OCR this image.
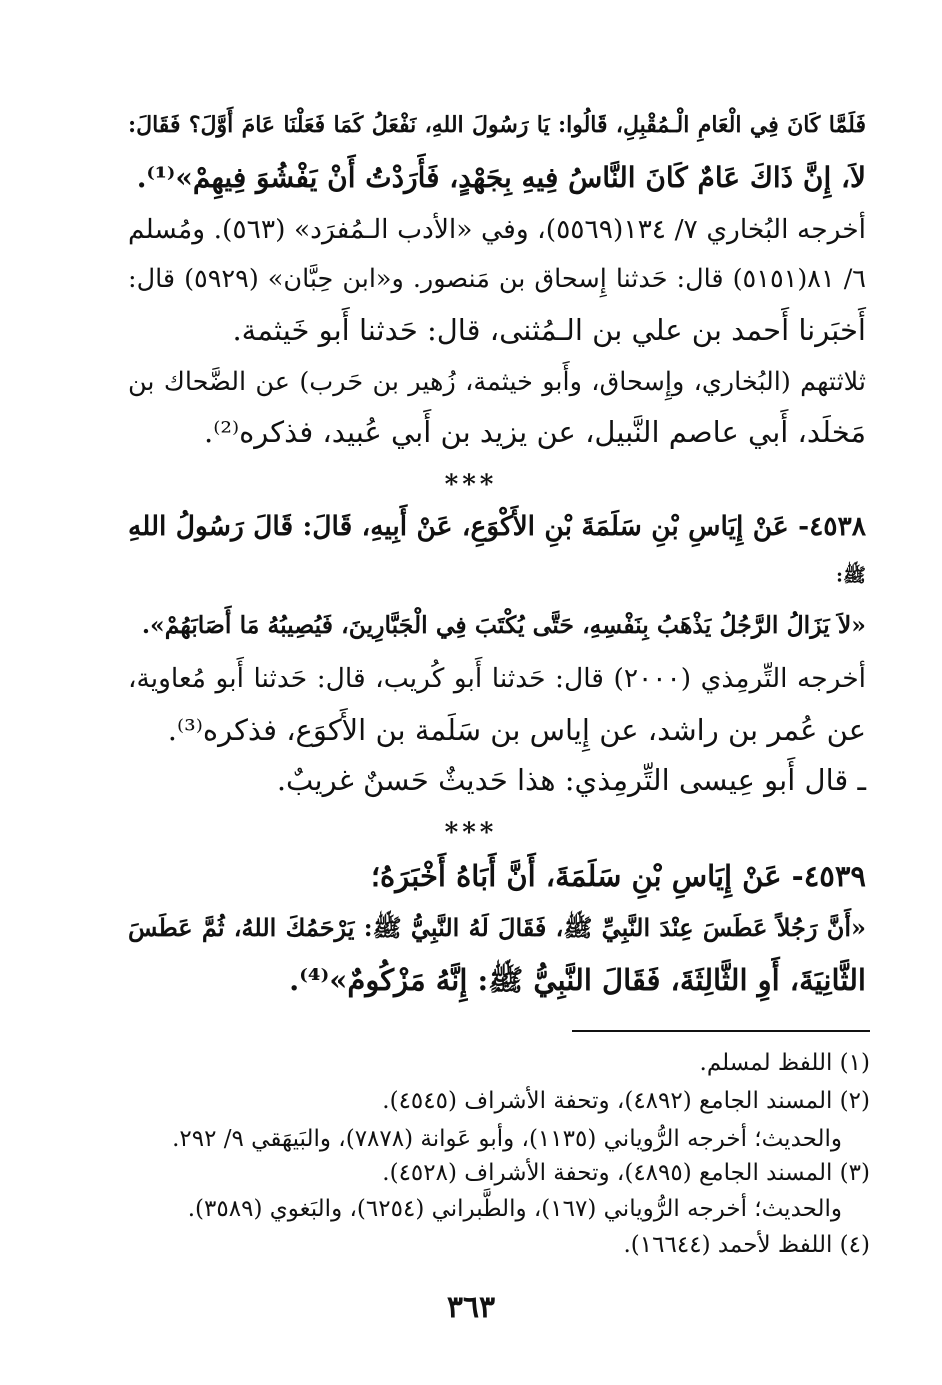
فَلَمَّا كَانَ فِي الْعَامِ الْـمُقْبِلِ، قَالُوا: يَا رَسُولَ اللهِ، نَفْعَلُ كَمَا فَعَلْنَا عَامَ أَوَّلَ؟ فَقَالَ:
لاَ، إِنَّ ذَاكَ عَامٌ كَانَ النَّاسُ فِيهِ بِجَهْدٍ، فَأَرَدْتُ أَنْ يَفْشُوَ فِيهِمْ»⁽¹⁾.
أخرجه البُخاري ٧/ ١٣٤(٥٥٦٩)، وفي «الأدب الـمُفرَد» (٥٦٣). ومُسلم
٦/ ٨١(٥١٥١) قال: حَدثنا إِسحاق بن مَنصور. و«ابن حِبَّان» (٥٩٢٩) قال:
أَخبَرنا أَحمد بن علي بن الـمُثنى، قال: حَدثنا أَبو خَيثمة.
ثلاثتهم (البُخاري، وإِسحاق، وأَبو خيثمة، زُهير بن حَرب) عن الضَّحاك بن
مَخلَد، أَبي عاصم النَّبيل، عن يزيد بن أَبي عُبيد، فذكره⁽²⁾.
***
٤٥٣٨- عَنْ إِيَاسِ بْنِ سَلَمَةَ بْنِ الأَكْوَعِ، عَنْ أَبِيهِ، قَالَ: قَالَ رَسُولُ اللهِ
ﷺ:
«لاَ يَزَالُ الرَّجُلُ يَذْهَبُ بِنَفْسِهِ، حَتَّى يُكْتَبَ فِي الْجَبَّارِينَ، فَيُصِيبُهُ مَا أَصَابَهُمْ».
أخرجه التِّرمِذي (٢٠٠٠) قال: حَدثنا أَبو كُريب، قال: حَدثنا أَبو مُعاوية،
عن عُمر بن راشد، عن إِياس بن سَلَمة بن الأَكوَع، فذكره⁽³⁾.
ـ قال أَبو عِيسى التِّرمِذي: هذا حَديثٌ حَسنٌ غريبٌ.
***
٤٥٣٩- عَنْ إِيَاسِ بْنِ سَلَمَةَ، أَنَّ أَبَاهُ أَخْبَرَهُ؛
«أَنَّ رَجُلاً عَطَسَ عِنْدَ النَّبِيِّ ﷺ، فَقَالَ لَهُ النَّبِيُّ ﷺ: يَرْحَمُكَ اللهُ، ثُمَّ عَطَسَ
الثَّانِيَةَ، أَوِ الثَّالِثَةَ، فَقَالَ النَّبِيُّ ﷺ: إِنَّهُ مَزْكُومٌ»⁽⁴⁾.
(١) اللفظ لمسلم.
(٢) المسند الجامع (٤٨٩٢)، وتحفة الأشراف (٤٥٤٥).
والحديث؛ أخرجه الرُّوياني (١١٣٥)، وأبو عَوانة (٧٨٧٨)، والبَيهَقي ٩/ ٢٩٢.
(٣) المسند الجامع (٤٨٩٥)، وتحفة الأشراف (٤٥٢٨).
والحديث؛ أخرجه الرُّوياني (١٦٧)، والطَّبراني (٦٢٥٤)، والبَغوي (٣٥٨٩).
(٤) اللفظ لأحمد (١٦٦٤٤).
٣٦٣
